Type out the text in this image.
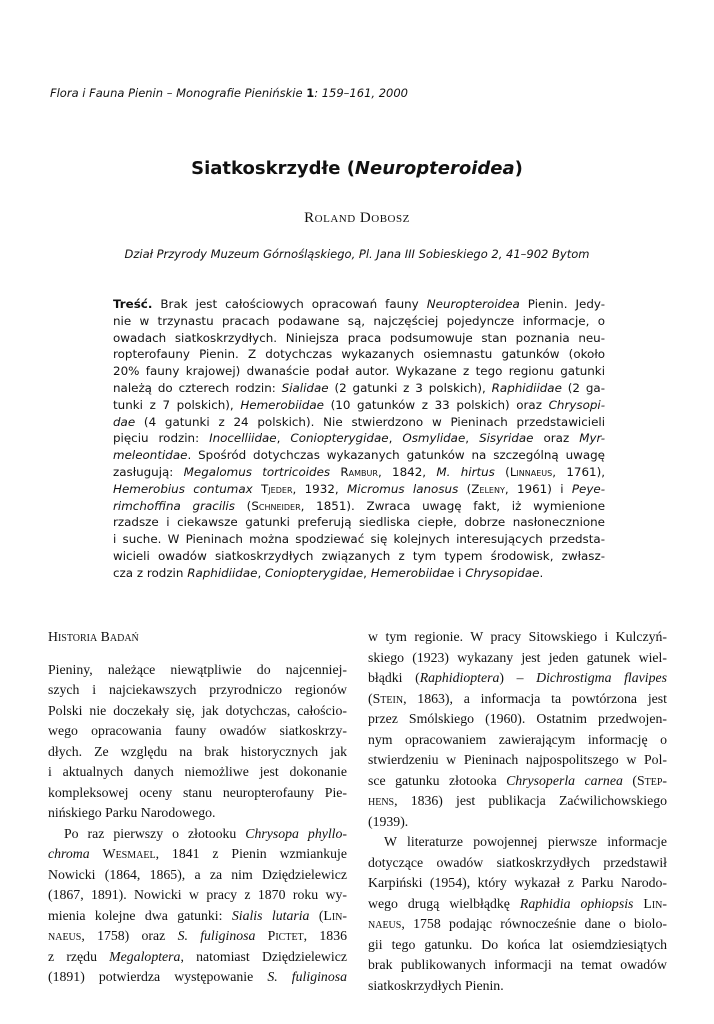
Flora i Fauna Pienin – Monografie Pienińskie 1: 159–161, 2000
Siatkoskrzydłe (Neuropteroidea)
Roland Dobosz
Dział Przyrody Muzeum Górnośląskiego, Pl. Jana III Sobieskiego 2, 41–902 Bytom
Treść. Brak jest całościowych opracowań fauny Neuropteroidea Pienin. Jedy-
nie w trzynastu pracach podawane są, najczęściej pojedyncze informacje, o
owadach siatkoskrzydłych. Niniejsza praca podsumowuje stan poznania neu-
ropterofauny Pienin. Z dotychczas wykazanych osiemnastu gatunków (około
20% fauny krajowej) dwanaście podał autor. Wykazane z tego regionu gatunki
należą do czterech rodzin: Sialidae (2 gatunki z 3 polskich), Raphidiidae (2 ga-
tunki z 7 polskich), Hemerobiidae (10 gatunków z 33 polskich) oraz Chrysopi-
dae (4 gatunki z 24 polskich). Nie stwierdzono w Pieninach przedstawicieli
pięciu rodzin: Inocelliidae, Coniopterygidae, Osmylidae, Sisyridae oraz Myr-
meleontidae. Spośród dotychczas wykazanych gatunków na szczególną uwagę
zasługują: Megalomus tortricoides Rambur, 1842, M. hirtus (Linnaeus, 1761),
Hemerobius contumax Tjeder, 1932, Micromus lanosus (Zeleny, 1961) i Peye-
rimchoffina gracilis (Schneider, 1851). Zwraca uwagę fakt, iż wymienione
rzadsze i ciekawsze gatunki preferują siedliska ciepłe, dobrze nasłonecznione
i suche. W Pieninach można spodziewać się kolejnych interesujących przedsta-
wicieli owadów siatkoskrzydłych związanych z tym typem środowisk, zwłasz-
cza z rodzin Raphidiidae, Coniopterygidae, Hemerobiidae i Chrysopidae.
Historia Badań
Pieniny, należące niewątpliwie do najcenniej-
szych i najciekawszych przyrodniczo regionów
Polski nie doczekały się, jak dotychczas, całościo-
wego opracowania fauny owadów siatkoskrzy-
dłych. Ze względu na brak historycznych jak
i aktualnych danych niemożliwe jest dokonanie
kompleksowej oceny stanu neuropterofauny Pie-
nińskiego Parku Narodowego.
Po raz pierwszy o złotooku Chrysopa phyllo-
chroma Wesmael, 1841 z Pienin wzmiankuje
Nowicki (1864, 1865), a za nim Dziędzielewicz
(1867, 1891). Nowicki w pracy z 1870 roku wy-
mienia kolejne dwa gatunki: Sialis lutaria (Lin-
naeus, 1758) oraz S. fuliginosa Pictet, 1836
z rzędu Megaloptera, natomiast Dziędzielewicz
(1891) potwierdza występowanie S. fuliginosa
w tym regionie. W pracy Sitowskiego i Kulczyń-
skiego (1923) wykazany jest jeden gatunek wiel-
błądki (Raphidioptera) – Dichrostigma flavipes
(Stein, 1863), a informacja ta powtórzona jest
przez Smólskiego (1960). Ostatnim przedwojen-
nym opracowaniem zawierającym informację o
stwierdzeniu w Pieninach najpospolitszego w Pol-
sce gatunku złotooka Chrysoperla carnea (Step-
hens, 1836) jest publikacja Zaćwilichowskiego
(1939).
W literaturze powojennej pierwsze informacje
dotyczące owadów siatkoskrzydłych przedstawił
Karpiński (1954), który wykazał z Parku Narodo-
wego drugą wielbłądkę Raphidia ophiopsis Lin-
naeus, 1758 podając równocześnie dane o biolo-
gii tego gatunku. Do końca lat osiemdziesiątych
brak publikowanych informacji na temat owadów
siatkoskrzydłych Pienin.
